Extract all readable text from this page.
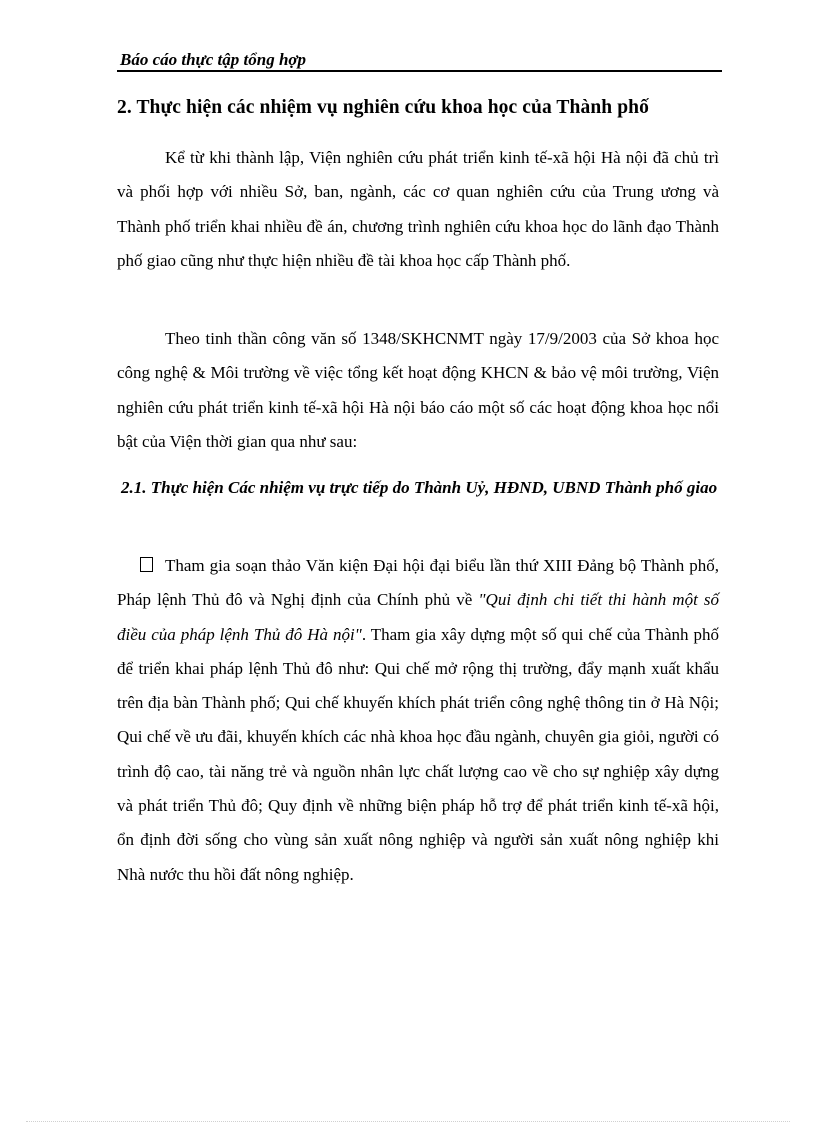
Báo cáo thực tập tổng hợp
2. Thực hiện các nhiệm vụ nghiên cứu khoa học của Thành phố

Kể từ khi thành lập, Viện nghiên cứu phát triển kinh tế-xã hội Hà nội đã chủ trì và phối hợp với nhiều Sở, ban, ngành, các cơ quan nghiên cứu của Trung ương và Thành phố triển khai nhiều đề án, chương trình nghiên cứu khoa học do lãnh đạo Thành phố giao cũng như thực hiện nhiều đề tài khoa học cấp Thành phố.

Theo tinh thần công văn số 1348/SKHCNMT ngày 17/9/2003 của Sở khoa học công nghệ & Môi trường về việc tổng kết hoạt động KHCN & bảo vệ môi trường, Viện nghiên cứu phát triển kinh tế-xã hội Hà nội báo cáo một số các hoạt động khoa học nổi bật của Viện thời gian qua như sau:

2.1. Thực hiện Các nhiệm vụ trực tiếp do Thành Uỷ, HĐND, UBND Thành phố giao

Tham gia soạn thảo Văn kiện Đại hội đại biểu lần thứ XIII Đảng bộ Thành phố, Pháp lệnh Thủ đô và Nghị định của Chính phủ về "Qui định chi tiết thi hành một số điều của pháp lệnh Thủ đô Hà nội". Tham gia xây dựng một số qui chế của Thành phố để triển khai pháp lệnh Thủ đô như: Qui chế mở rộng thị trường, đẩy mạnh xuất khẩu trên địa bàn Thành phố; Qui chế khuyến khích phát triển công nghệ thông tin ở Hà Nội; Qui chế về ưu đãi, khuyến khích các nhà khoa học đầu ngành, chuyên gia giỏi, người có trình độ cao, tài năng trẻ và nguồn nhân lực chất lượng cao về cho sự nghiệp xây dựng và phát triển Thủ đô; Quy định về những biện pháp hỗ trợ để phát triển kinh tế-xã hội, ổn định đời sống cho vùng sản xuất nông nghiệp và người sản xuất nông nghiệp khi Nhà nước thu hồi đất nông nghiệp.
